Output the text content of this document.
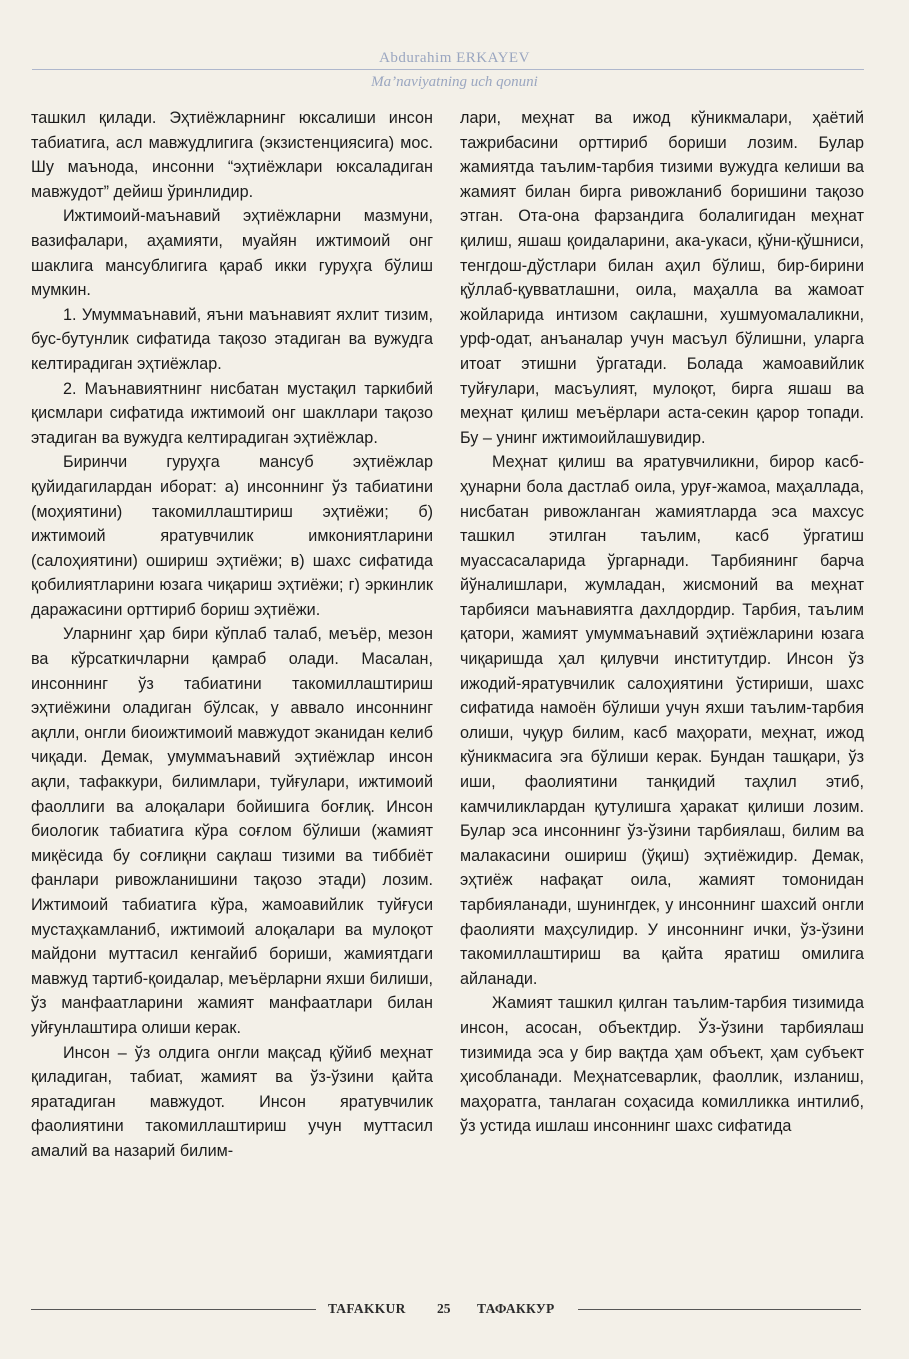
Abdurahim ERKAYEV
Ma’naviyatning uch qonuni

ташкил қилади. Эҳтиёжларнинг юксалиши инсон табиатига, асл мавжудлигига (экзистенциясига) мос. Шу маънода, инсонни “эҳтиёжлари юксаладиган мавжудот” дейиш ўринлидир.

Ижтимоий-маънавий эҳтиёжларни мазмуни, вазифалари, аҳамияти, муайян ижтимоий онг шаклига мансублигига қараб икки гуруҳга бўлиш мумкин.

1. Умуммаънавий, яъни маънавият яхлит тизим, бус-бутунлик сифатида тақозо этадиган ва вужудга келтирадиган эҳтиёжлар.

2. Маънавиятнинг нисбатан мустақил таркибий қисмлари сифатида ижтимоий онг шакллари тақозо этадиган ва вужудга келтирадиган эҳтиёжлар.

Биринчи гуруҳга мансуб эҳтиёжлар қуйидагилардан иборат: а) инсоннинг ўз табиатини (моҳиятини) такомиллаштириш эҳтиёжи; б) ижтимоий яратувчилик имкониятларини (салоҳиятини) ошириш эҳтиёжи; в) шахс сифатида қобилиятларини юзага чиқариш эҳтиёжи; г) эркинлик даражасини орттириб бориш эҳтиёжи.

Уларнинг ҳар бири кўплаб талаб, меъёр, мезон ва кўрсаткичларни қамраб олади. Масалан, инсоннинг ўз табиатини такомиллаштириш эҳтиёжини оладиган бўлсак, у аввало инсоннинг ақлли, онгли биоижтимоий мавжудот эканидан келиб чиқади. Демак, умуммаънавий эҳтиёжлар инсон ақли, тафаккури, билимлари, туйғулари, ижтимоий фаоллиги ва алоқалари бойишига боғлиқ. Инсон биологик табиатига кўра соғлом бўлиши (жамият миқёсида бу соғлиқни сақлаш тизими ва тиббиёт фанлари ривожланишини тақозо этади) лозим. Ижтимоий табиатига кўра, жамоавийлик туйғуси мустаҳкамланиб, ижтимоий алоқалари ва мулоқот майдони муттасил кенгайиб бориши, жамиятдаги мавжуд тартиб-қоидалар, меъёрларни яхши билиши, ўз манфаатларини жамият манфаатлари билан уйғунлаштира олиши керак.

Инсон – ўз олдига онгли мақсад қўйиб меҳнат қиладиган, табиат, жамият ва ўз-ўзини қайта яратадиган мавжудот. Инсон яратувчилик фаолиятини такомиллаштириш учун муттасил амалий ва назарий билим-

лари, меҳнат ва ижод кўникмалари, ҳаётий тажрибасини орттириб бориши лозим. Булар жамиятда таълим-тарбия тизими вужудга келиши ва жамият билан бирга ривожланиб боришини тақозо этган. Ота-она фарзандига болалигидан меҳнат қилиш, яшаш қоидаларини, ака-укаси, қўни-қўшниси, тенгдош-дўстлари билан аҳил бўлиш, бир-бирини қўллаб-қувватлашни, оила, маҳалла ва жамоат жойларида интизом сақлашни, хушмуомалаликни, урф-одат, анъаналар учун масъул бўлишни, уларга итоат этишни ўргатади. Болада жамоавийлик туйғулари, масъулият, мулоқот, бирга яшаш ва меҳнат қилиш меъёрлари аста-секин қарор топади. Бу – унинг ижтимоийлашувидир.

Меҳнат қилиш ва яратувчиликни, бирор касб-ҳунарни бола дастлаб оила, уруғ-жамоа, маҳаллада, нисбатан ривожланган жамиятларда эса махсус ташкил этилган таълим, касб ўргатиш муассасаларида ўргарнади. Тарбиянинг барча йўналишлари, жумладан, жисмоний ва меҳнат тарбияси маънавиятга дахлдордир. Тарбия, таълим қатори, жамият умуммаънавий эҳтиёжларини юзага чиқаришда ҳал қилувчи институтдир. Инсон ўз ижодий-яратувчилик салоҳиятини ўстириши, шахс сифатида намоён бўлиши учун яхши таълим-тарбия олиши, чуқур билим, касб маҳорати, меҳнат, ижод кўникмасига эга бўлиши керак. Бундан ташқари, ўз иши, фаолиятини танқидий таҳлил этиб, камчиликлардан қутулишга ҳаракат қилиши лозим. Булар эса инсоннинг ўз-ўзини тарбиялаш, билим ва малакасини ошириш (ўқиш) эҳтиёжидир. Демак, эҳтиёж нафақат оила, жамият томонидан тарбияланади, шунингдек, у инсоннинг шахсий онгли фаолияти маҳсулидир. У инсоннинг ички, ўз-ўзини такомиллаштириш ва қайта яратиш омилига айланади.

Жамият ташкил қилган таълим-тарбия тизимида инсон, асосан, объектдир. Ўз-ўзини тарбиялаш тизимида эса у бир вақтда ҳам объект, ҳам субъект ҳисобланади. Меҳнатсеварлик, фаоллик, изланиш, маҳоратга, танлаган соҳасида комилликка интилиб, ўз устида ишлаш инсоннинг шахс сифатида

TAFAKKUR 25 ТАФАККУР
